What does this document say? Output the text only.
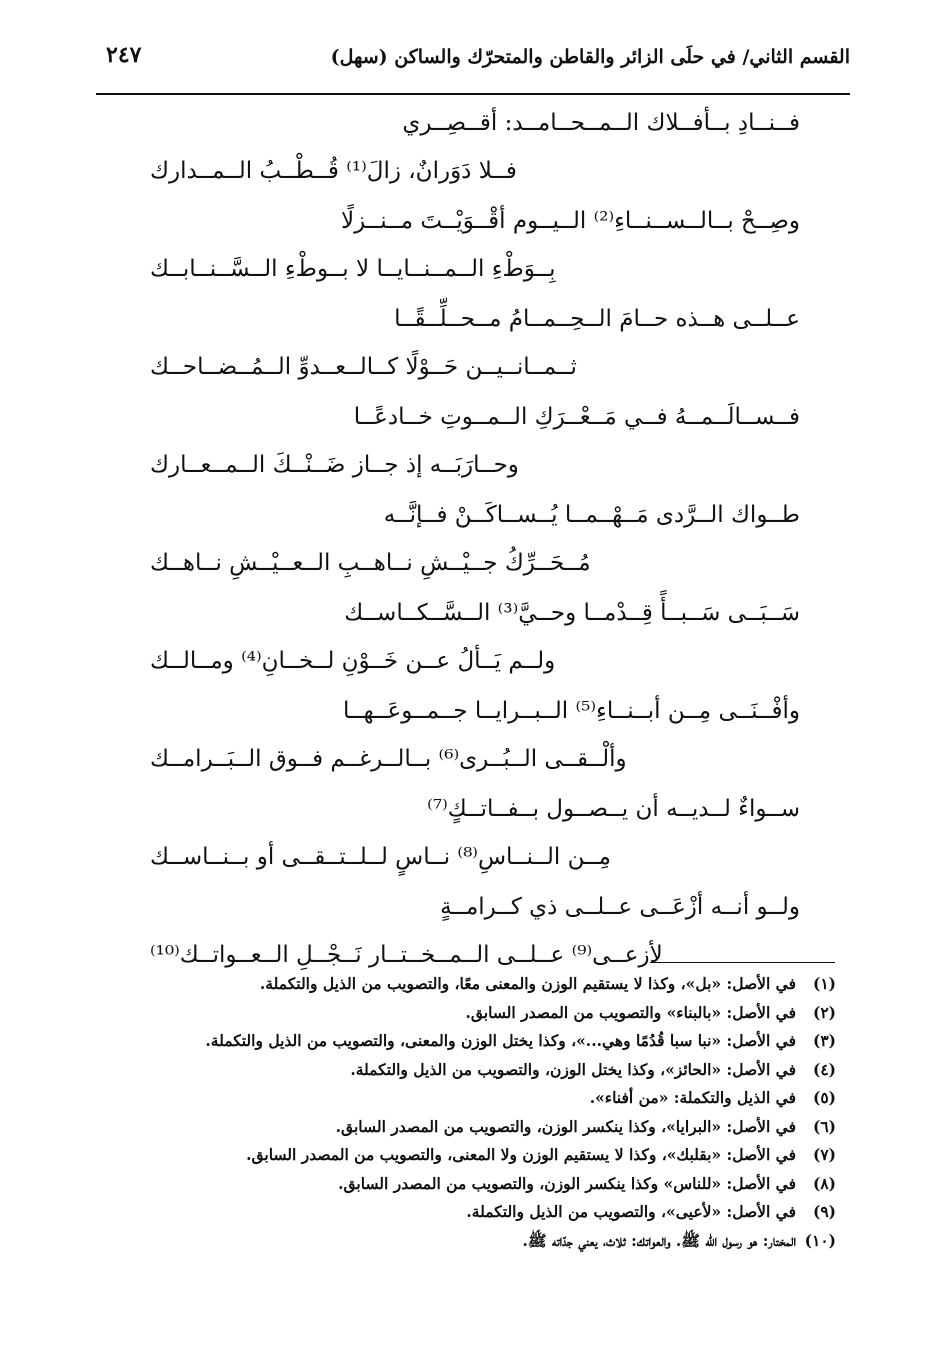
القسم الثاني/ في حلَى الزائر والقاطن والمتحرّك والساكن (سهل)
٢٤٧
فــنــادِ بــأفــلاك الــمــحــامــد: أقــصِــري
فــلا دَوَرانٌ، زالَ⁽¹⁾ قُــطْــبُ الــمــدارك
وصِــحْ بــالــســنــاءِ⁽²⁾ الــيــوم أقْــوَيْــتَ مــنــزلًا
بِــوَطْءِ الــمــنــايــا لا بــوطْءِ الــسَّــنــابــك
عــلــى هــذه حــامَ الــحِــمــامُ مــحــلِّــقًــا
ثــمــانــيــن حَــوْلًا كــالــعــدوِّ الــمُــضــاحــك
فــســالَــمــهُ فــي مَــعْــرَكِ الــمــوتِ خــادعًــا
وحــارَبَــه إذ جــاز ضَــنْــكَ الــمــعــارك
طــواك الــرَّدى مَــهْــمــا يُــســاكَــنْ فــإنَّــه
مُــحَــرِّكُ جــيْــشِ نــاهــبِ الــعــيْــشِ نــاهــك
سَــبَــى سَــبــأً قِــدْمــا وحــيَّ⁽³⁾ الــسَّــكــاســك
ولــم يَــألُ عــن خَــوْنِ لــخــانِ⁽⁴⁾ ومــالــك
وأفْــنَــى مِــن أبــنــاءِ⁽⁵⁾ الــبــرايــا جــمــوعَــهــا
وألْــقــى الــبُــرى⁽⁶⁾ بــالــرغــم فــوق الــبَــرامــك
ســواءٌ لــديــه أن يــصــول بــفــاتــكٍ⁽⁷⁾
مِــن الــنــاسِ⁽⁸⁾ نــاسٍ لــلــتــقــى أو بــنــاســك
ولــو أنــه أزْعَــى عــلــى ذي كــرامــةٍ
لأزعــى⁽⁹⁾ عــلــى الــمــخــتــار نَــجْــلِ الــعــواتــك⁽¹⁰⁾
(١)
في الأصل: «بل»، وكذا لا يستقيم الوزن والمعنى معًا، والتصويب من الذيل والتكملة.
(٢)
في الأصل: «بالبناء» والتصويب من المصدر السابق.
(٣)
في الأصل: «نبا سبا قُدُمًا وهي...»، وكذا يختل الوزن والمعنى، والتصويب من الذيل والتكملة.
(٤)
في الأصل: «الحائز»، وكذا يختل الوزن، والتصويب من الذيل والتكملة.
(٥)
في الذيل والتكملة: «من أفناء».
(٦)
في الأصل: «البرايا»، وكذا ينكسر الوزن، والتصويب من المصدر السابق.
(٧)
في الأصل: «بقلبك»، وكذا لا يستقيم الوزن ولا المعنى، والتصويب من المصدر السابق.
(٨)
في الأصل: «للناس» وكذا ينكسر الوزن، والتصويب من المصدر السابق.
(٩)
في الأصل: «لأعيى»، والتصويب من الذيل والتكملة.
(١٠)
المختار: هو رسول الله ﷺ. والعواتك: ثلاث، يعني جدّاته ﷺ.
